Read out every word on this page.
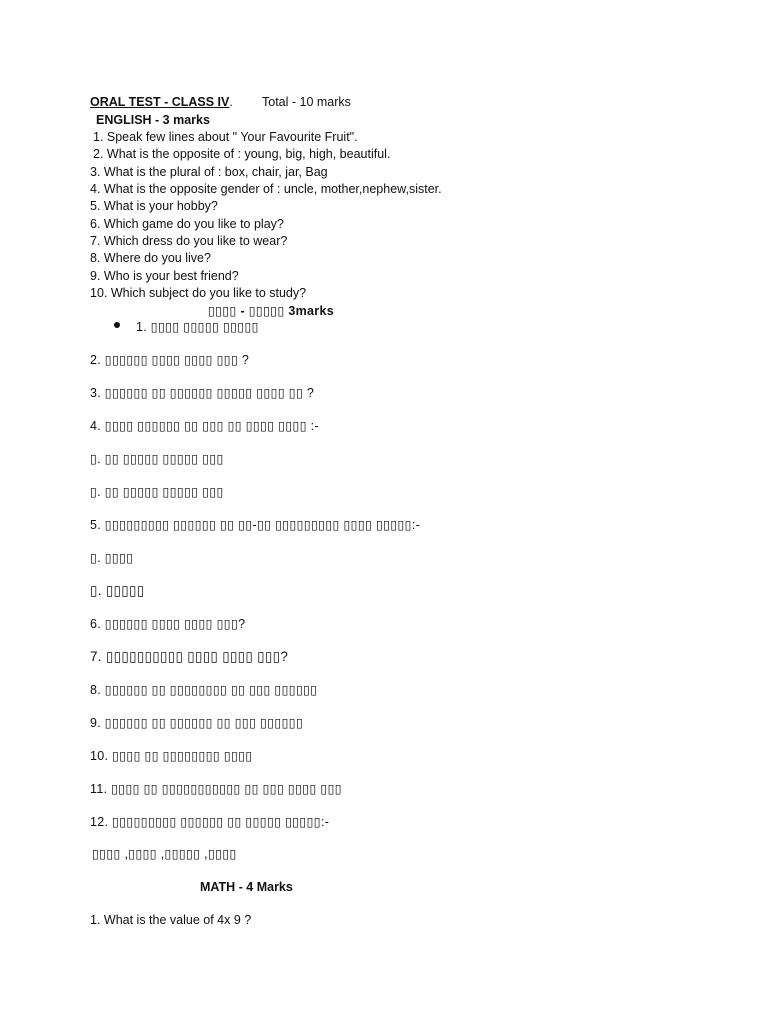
ORAL TEST - CLASS IV. Total - 10 marks
ENGLISH - 3 marks
1. Speak few lines about " Your Favourite Fruit".
2. What is the opposite of : young, big, high, beautiful.
3. What is the plural of : box, chair, jar, Bag
4. What is the opposite gender of : uncle, mother,nephew,sister.
5. What is your hobby?
6. Which game do you like to play?
7. Which dress do you like to wear?
8. Where do you live?
9. Who is your best friend?
10. Which subject do you like to study?
▯▯▯▯ - ▯▯▯▯▯ 3marks
1. ▯▯▯▯ ▯▯▯▯▯ ▯▯▯▯▯
2. ▯▯▯▯▯▯ ▯▯▯▯ ▯▯▯▯ ▯▯▯ ?
3. ▯▯▯▯▯▯ ▯▯ ▯▯▯▯▯▯ ▯▯▯▯▯ ▯▯▯▯ ▯▯ ?
4. ▯▯▯▯ ▯▯▯▯▯▯ ▯▯ ▯▯▯ ▯▯ ▯▯▯▯ ▯▯▯▯ :-
▯. ▯▯ ▯▯▯▯▯ ▯▯▯▯▯ ▯▯▯
▯. ▯▯ ▯▯▯▯▯ ▯▯▯▯▯ ▯▯▯
5. ▯▯▯▯▯▯▯▯▯ ▯▯▯▯▯▯ ▯▯ ▯▯-▯▯ ▯▯▯▯▯▯▯▯▯ ▯▯▯▯ ▯▯▯▯▯:-
▯. ▯▯▯▯
▯. ▯▯▯▯▯
6. ▯▯▯▯▯▯ ▯▯▯▯ ▯▯▯▯ ▯▯▯?
7. ▯▯▯▯▯▯▯▯▯▯ ▯▯▯▯ ▯▯▯▯ ▯▯▯?
8. ▯▯▯▯▯▯ ▯▯ ▯▯▯▯▯▯▯▯ ▯▯ ▯▯▯ ▯▯▯▯▯▯
9. ▯▯▯▯▯▯ ▯▯ ▯▯▯▯▯▯ ▯▯ ▯▯▯ ▯▯▯▯▯▯
10. ▯▯▯▯ ▯▯ ▯▯▯▯▯▯▯▯ ▯▯▯▯
11. ▯▯▯▯ ▯▯ ▯▯▯▯▯▯▯▯▯▯▯ ▯▯ ▯▯▯ ▯▯▯▯ ▯▯▯
12. ▯▯▯▯▯▯▯▯▯ ▯▯▯▯▯▯ ▯▯ ▯▯▯▯▯ ▯▯▯▯▯:-
▯▯▯▯ ,▯▯▯▯ ,▯▯▯▯▯ ,▯▯▯▯
MATH - 4 Marks
1. What is the value of 4x 9 ?
